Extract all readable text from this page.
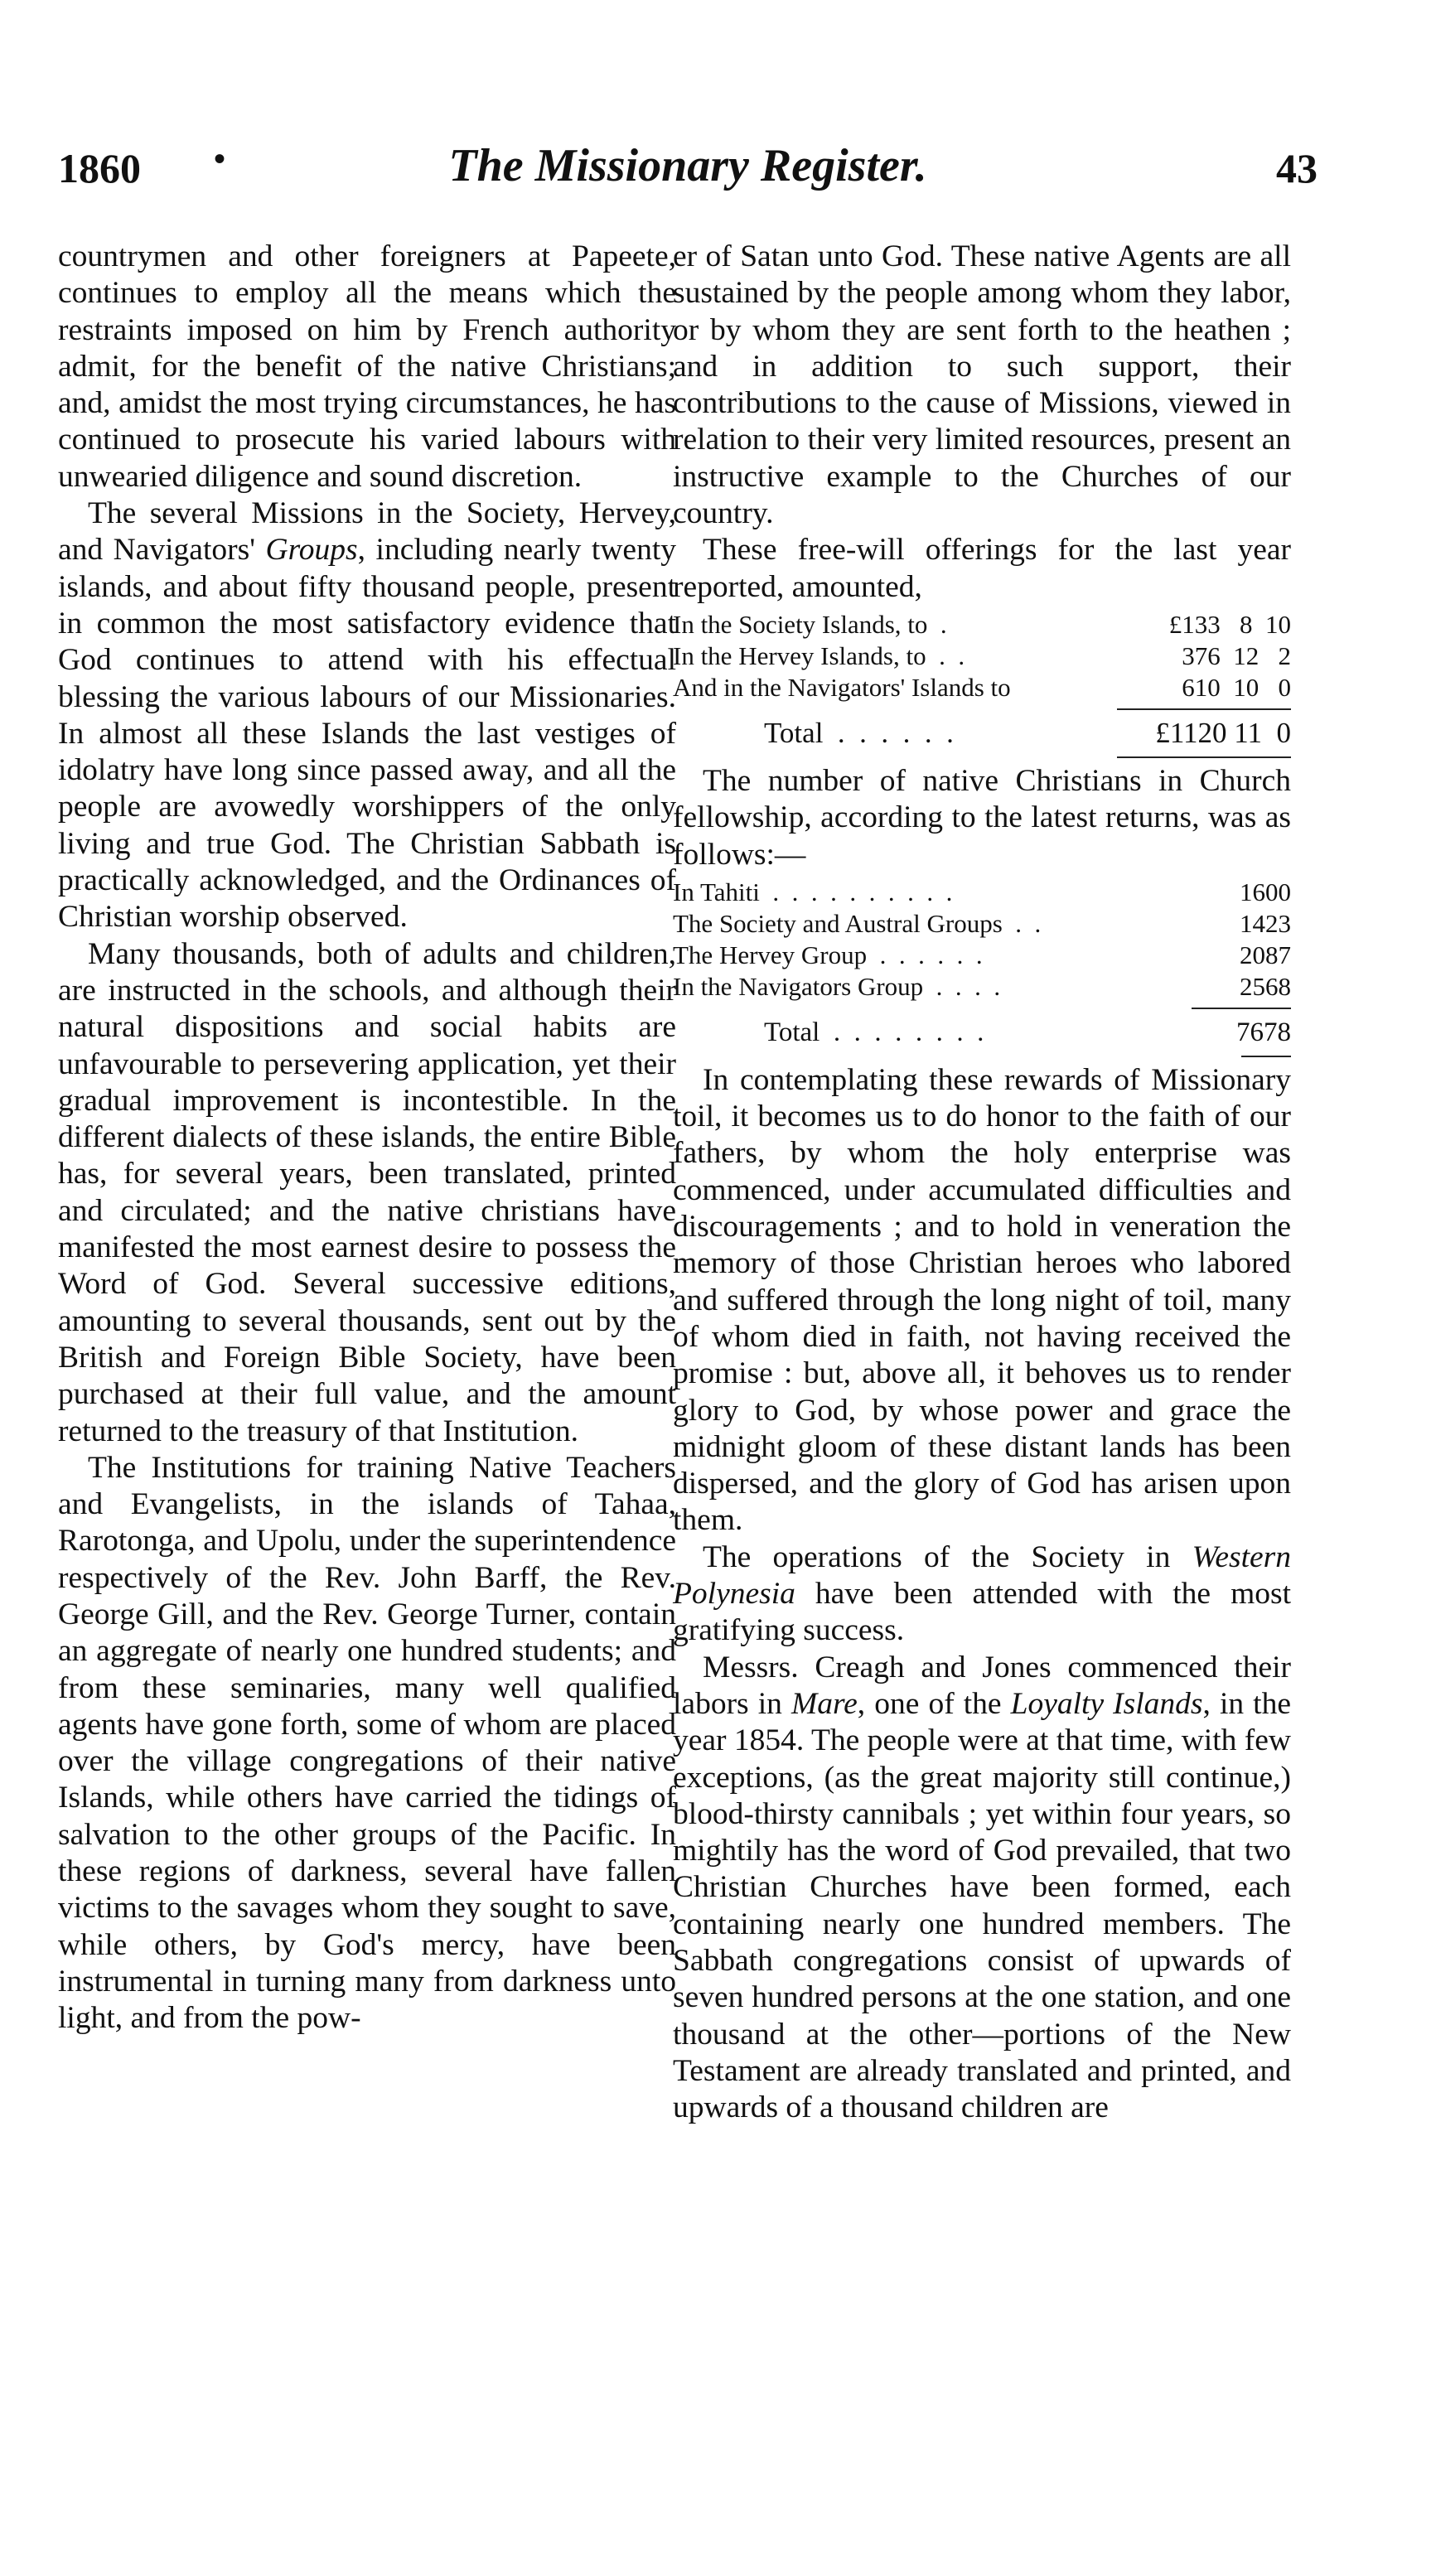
1860	The Missionary Register.	43
•

countrymen and other foreigners at Papeete, continues to employ all the means which the restraints imposed on him by French authority admit, for the benefit of the native Christians; and, amidst the most trying circumstances, he has continued to prosecute his varied labours with unwearied diligence and sound discretion.

The several Missions in the Society, Hervey, and Navigators' Groups, including nearly twenty islands, and about fifty thousand people, present in common the most satisfactory evidence that God continues to attend with his effectual blessing the various labours of our Missionaries. In almost all these Islands the last vestiges of idolatry have long since passed away, and all the people are avowedly worshippers of the only living and true God. The Christian Sabbath is practically acknowledged, and the Ordinances of Christian worship observed.

Many thousands, both of adults and children, are instructed in the schools, and although their natural dispositions and social habits are unfavourable to persevering application, yet their gradual improvement is incontestible. In the different dialects of these islands, the entire Bible has, for several years, been translated, printed and circulated; and the native christians have manifested the most earnest desire to possess the Word of God. Several successive editions, amounting to several thousands, sent out by the British and Foreign Bible Society, have been purchased at their full value, and the amount returned to the treasury of that Institution.

The Institutions for training Native Teachers and Evangelists, in the islands of Tahaa, Rarotonga, and Upolu, under the superintendence respectively of the Rev. John Barff, the Rev. George Gill, and the Rev. George Turner, contain an aggregate of nearly one hundred students; and from these seminaries, many well qualified agents have gone forth, some of whom are placed over the village congregations of their native Islands, while others have carried the tidings of salvation to the other groups of the Pacific. In these regions of darkness, several have fallen victims to the savages whom they sought to save, while others, by God's mercy, have been instrumental in turning many from darkness unto light, and from the pow-

er of Satan unto God. These native Agents are all sustained by the people among whom they labor, or by whom they are sent forth to the heathen ; and in addition to such support, their contributions to the cause of Missions, viewed in relation to their very limited resources, present an instructive example to the Churches of our country.

These free-will offerings for the last year reported, amounted,

In the Society Islands, to  .	£133   8  10
In the Hervey Islands, to  .  .	376  12   2
And in the Navigators' Islands to	610  10   0
Total  .  .  .  .  .  .	£1120 11  0

The number of native Christians in Church fellowship, according to the latest returns, was as follows:—

In Tahiti  .  .  .  .  .  .  .  .  .  .	1600
The Society and Austral Groups  .  .	1423
The Hervey Group  .  .  .  .  .  .	2087
In the Navigators Group  .  .  .  .	2568
Total  .  .  .  .  .  .  .  .	7678

In contemplating these rewards of Missionary toil, it becomes us to do honor to the faith of our fathers, by whom the holy enterprise was commenced, under accumulated difficulties and discouragements ; and to hold in veneration the memory of those Christian heroes who labored and suffered through the long night of toil, many of whom died in faith, not having received the promise : but, above all, it behoves us to render glory to God, by whose power and grace the midnight gloom of these distant lands has been dispersed, and the glory of God has arisen upon them.

The operations of the Society in Western Polynesia have been attended with the most gratifying success.

Messrs. Creagh and Jones commenced their labors in Mare, one of the Loyalty Islands, in the year 1854. The people were at that time, with few exceptions, (as the great majority still continue,) blood-thirsty cannibals ; yet within four years, so mightily has the word of God prevailed, that two Christian Churches have been formed, each containing nearly one hundred members. The Sabbath congregations consist of upwards of seven hundred persons at the one station, and one thousand at the other—portions of the New Testament are already translated and printed, and upwards of a thousand children are
